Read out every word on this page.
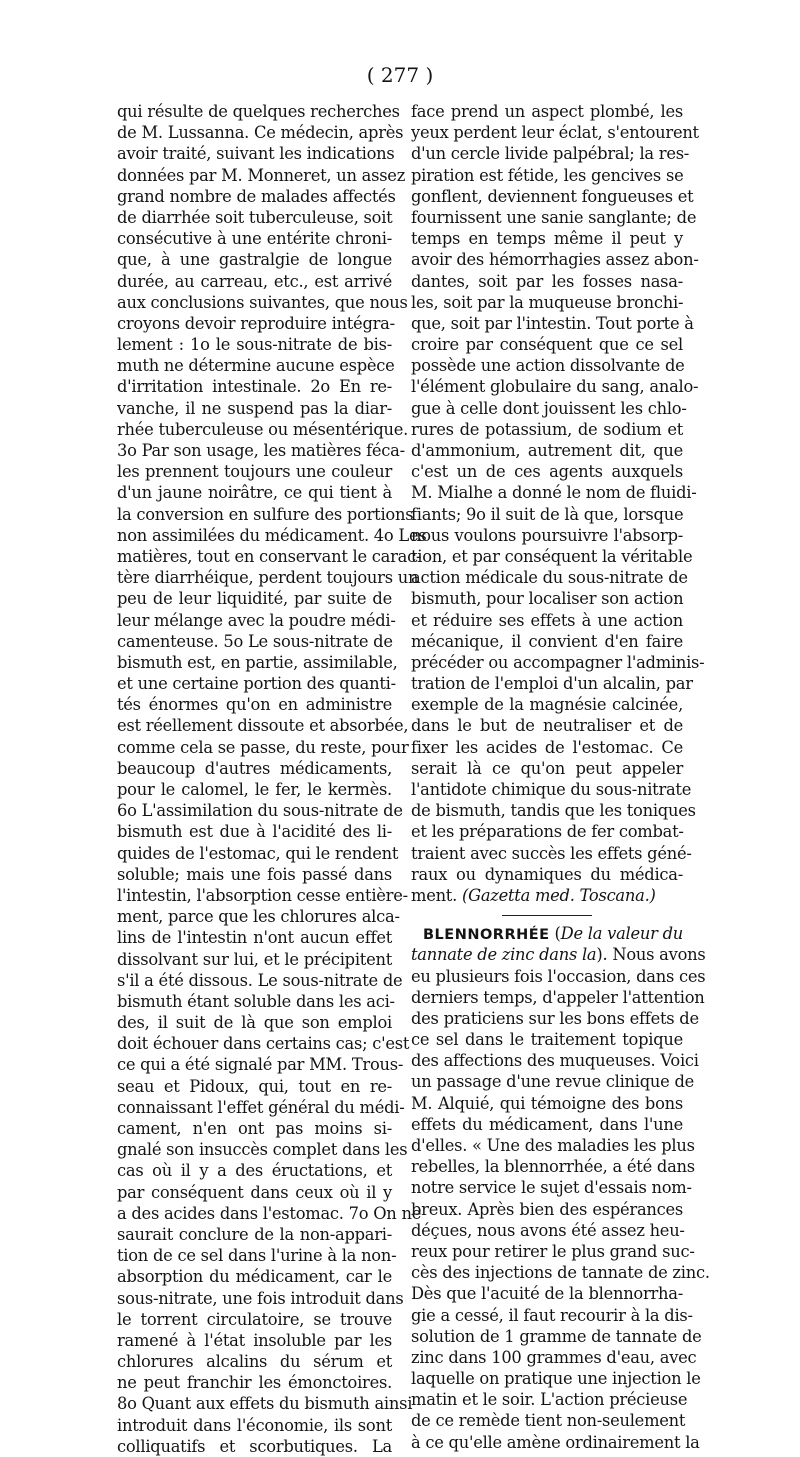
( 277 )
qui résulte de quelques recherches
de M. Lussanna. Ce médecin, après
avoir traité, suivant les indications
données par M. Monneret, un assez
grand nombre de malades affectés
de diarrhée soit tuberculeuse, soit
consécutive à une entérite chroni-
que, à une gastralgie de longue
durée, au carreau, etc., est arrivé
aux conclusions suivantes, que nous
croyons devoir reproduire intégra-
lement : 1o le sous-nitrate de bis-
muth ne détermine aucune espèce
d'irritation intestinale. 2o En re-
vanche, il ne suspend pas la diar-
rhée tuberculeuse ou mésentérique.
3o Par son usage, les matières féca-
les prennent toujours une couleur
d'un jaune noirâtre, ce qui tient à
la conversion en sulfure des portions
non assimilées du médicament. 4o Les
matières, tout en conservant le carac-
tère diarrhéique, perdent toujours un
peu de leur liquidité, par suite de
leur mélange avec la poudre médi-
camenteuse. 5o Le sous-nitrate de
bismuth est, en partie, assimilable,
et une certaine portion des quanti-
tés énormes qu'on en administre
est réellement dissoute et absorbée,
comme cela se passe, du reste, pour
beaucoup d'autres médicaments,
pour le calomel, le fer, le kermès.
6o L'assimilation du sous-nitrate de
bismuth est due à l'acidité des li-
quides de l'estomac, qui le rendent
soluble; mais une fois passé dans
l'intestin, l'absorption cesse entière-
ment, parce que les chlorures alca-
lins de l'intestin n'ont aucun effet
dissolvant sur lui, et le précipitent
s'il a été dissous. Le sous-nitrate de
bismuth étant soluble dans les aci-
des, il suit de là que son emploi
doit échouer dans certains cas; c'est
ce qui a été signalé par MM. Trous-
seau et Pidoux, qui, tout en re-
connaissant l'effet général du médi-
cament, n'en ont pas moins si-
gnalé son insuccès complet dans les
cas où il y a des éructations, et
par conséquent dans ceux où il y
a des acides dans l'estomac. 7o On ne
saurait conclure de la non-appari-
tion de ce sel dans l'urine à la non-
absorption du médicament, car le
sous-nitrate, une fois introduit dans
le torrent circulatoire, se trouve
ramené à l'état insoluble par les
chlorures alcalins du sérum et
ne peut franchir les émonctoires.
8o Quant aux effets du bismuth ainsi
introduit dans l'économie, ils sont
colliquatifs et scorbutiques. La
face prend un aspect plombé, les
yeux perdent leur éclat, s'entourent
d'un cercle livide palpébral; la res-
piration est fétide, les gencives se
gonflent, deviennent fongueuses et
fournissent une sanie sanglante; de
temps en temps même il peut y
avoir des hémorrhagies assez abon-
dantes, soit par les fosses nasa-
les, soit par la muqueuse bronchi-
que, soit par l'intestin. Tout porte à
croire par conséquent que ce sel
possède une action dissolvante de
l'élément globulaire du sang, analo-
gue à celle dont jouissent les chlo-
rures de potassium, de sodium et
d'ammonium, autrement dit, que
c'est un de ces agents auxquels
M. Mialhe a donné le nom de fluidi-
fiants; 9o il suit de là que, lorsque
nous voulons poursuivre l'absorp-
tion, et par conséquent la véritable
action médicale du sous-nitrate de
bismuth, pour localiser son action
et réduire ses effets à une action
mécanique, il convient d'en faire
précéder ou accompagner l'adminis-
tration de l'emploi d'un alcalin, par
exemple de la magnésie calcinée,
dans le but de neutraliser et de
fixer les acides de l'estomac. Ce
serait là ce qu'on peut appeler
l'antidote chimique du sous-nitrate
de bismuth, tandis que les toniques
et les préparations de fer combat-
traient avec succès les effets géné-
raux ou dynamiques du médica-
ment. (Gazetta med. Toscana.)
BLENNORRHÉE (De la valeur du
tannate de zinc dans la). Nous avons
eu plusieurs fois l'occasion, dans ces
derniers temps, d'appeler l'attention
des praticiens sur les bons effets de
ce sel dans le traitement topique
des affections des muqueuses. Voici
un passage d'une revue clinique de
M. Alquié, qui témoigne des bons
effets du médicament, dans l'une
d'elles. « Une des maladies les plus
rebelles, la blennorrhée, a été dans
notre service le sujet d'essais nom-
breux. Après bien des espérances
déçues, nous avons été assez heu-
reux pour retirer le plus grand suc-
cès des injections de tannate de zinc.
Dès que l'acuité de la blennorrha-
gie a cessé, il faut recourir à la dis-
solution de 1 gramme de tannate de
zinc dans 100 grammes d'eau, avec
laquelle on pratique une injection le
matin et le soir. L'action précieuse
de ce remède tient non-seulement
à ce qu'elle amène ordinairement la
